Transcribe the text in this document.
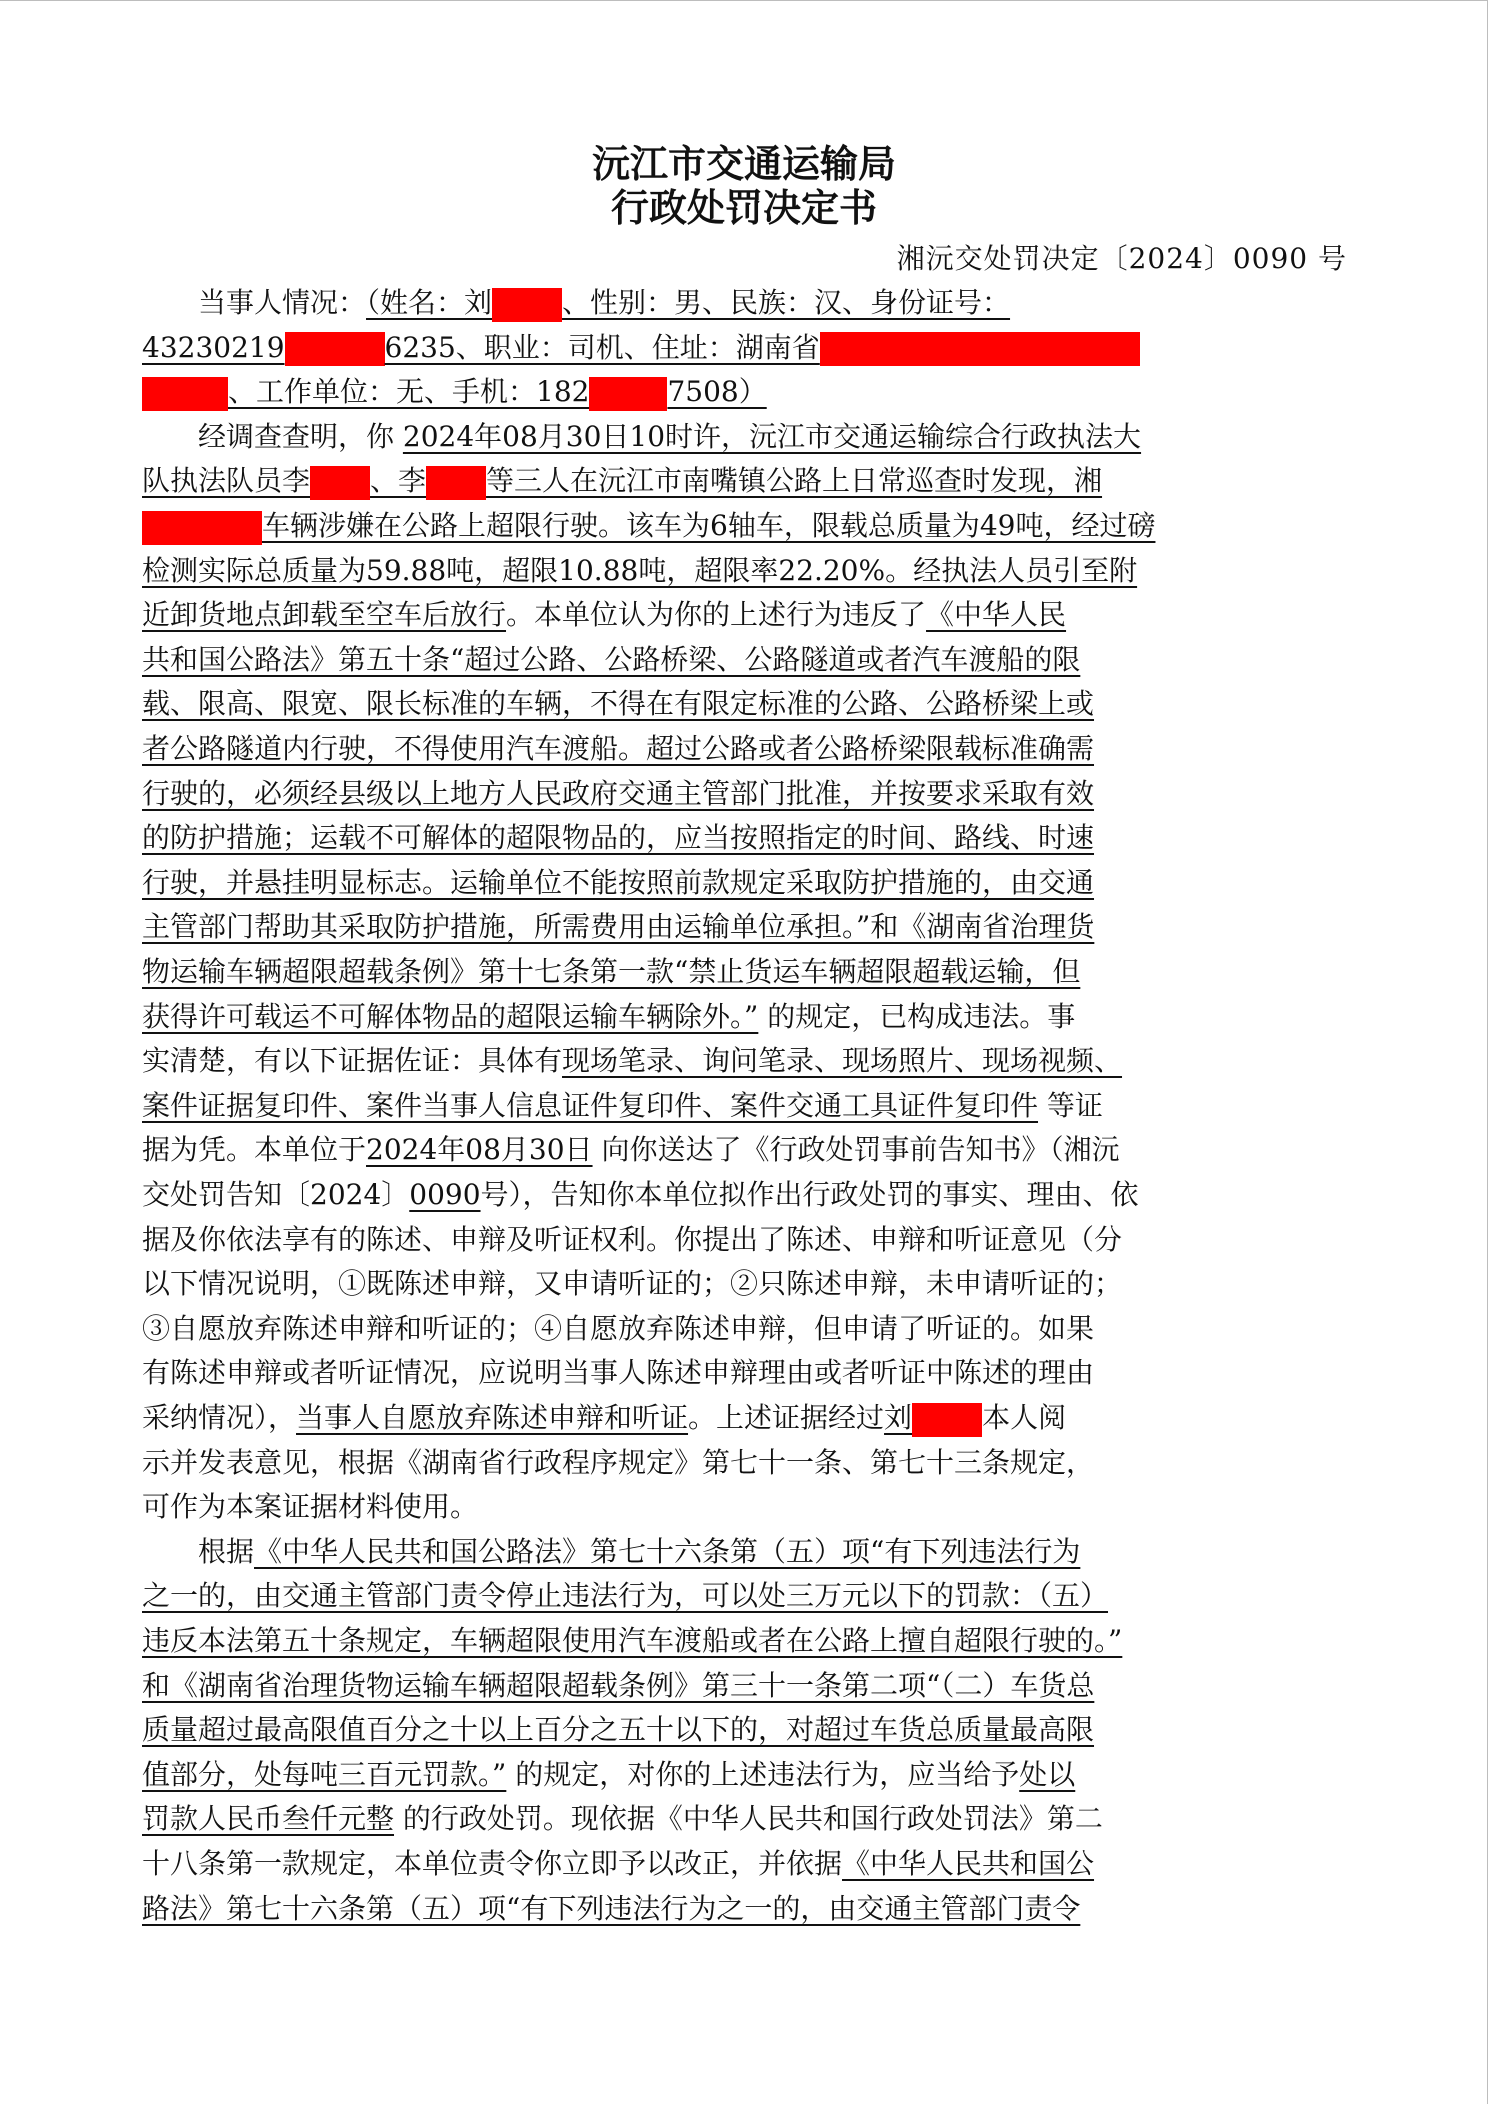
沅江市交通运输局
行政处罚决定书
湘沅交处罚决定〔2024〕0090 号
　　当事人情况：（姓名：刘	、性别：男、民族：汉、身份证号：
43230219	6235、职业：司机、住址：湖南省
、工作单位：无、手机：182	7508）
　　经调查查明，你 2024年08月30日10时许，沅江市交通运输综合行政执法大
队执法队员李 、李 等三人在沅江市南嘴镇公路上日常巡查时发现，湘
车辆涉嫌在公路上超限行驶。该车为6轴车，限载总质量为49吨，经过磅
检测实际总质量为59.88吨，超限10.88吨，超限率22.20%。经执法人员引至附
近卸货地点卸载至空车后放行。本单位认为你的上述行为违反了《中华人民
共和国公路法》第五十条“超过公路、公路桥梁、公路隧道或者汽车渡船的限
载、限高、限宽、限长标准的车辆，不得在有限定标准的公路、公路桥梁上或
者公路隧道内行驶，不得使用汽车渡船。超过公路或者公路桥梁限载标准确需
行驶的，必须经县级以上地方人民政府交通主管部门批准，并按要求采取有效
的防护措施；运载不可解体的超限物品的，应当按照指定的时间、路线、时速
行驶，并悬挂明显标志。运输单位不能按照前款规定采取防护措施的，由交通
主管部门帮助其采取防护措施，所需费用由运输单位承担。”和《湖南省治理货
物运输车辆超限超载条例》第十七条第一款“禁止货运车辆超限超载运输，但
获得许可载运不可解体物品的超限运输车辆除外。” 的规定，已构成违法。事
实清楚，有以下证据佐证：具体有现场笔录、询问笔录、现场照片、现场视频、
案件证据复印件、案件当事人信息证件复印件、案件交通工具证件复印件 等证
据为凭。本单位于2024年08月30日 向你送达了《行政处罚事前告知书》（湘沅
交处罚告知〔2024〕0090号），告知你本单位拟作出行政处罚的事实、理由、依
据及你依法享有的陈述、申辩及听证权利。你提出了陈述、申辩和听证意见（分
以下情况说明，①既陈述申辩，又申请听证的；②只陈述申辩，未申请听证的；
③自愿放弃陈述申辩和听证的；④自愿放弃陈述申辩，但申请了听证的。如果
有陈述申辩或者听证情况，应说明当事人陈述申辩理由或者听证中陈述的理由
采纳情况），当事人自愿放弃陈述申辩和听证。上述证据经过刘	本人阅
示并发表意见，根据《湖南省行政程序规定》第七十一条、第七十三条规定，
可作为本案证据材料使用。
　　根据《中华人民共和国公路法》第七十六条第（五）项“有下列违法行为
之一的，由交通主管部门责令停止违法行为，可以处三万元以下的罚款：（五）
违反本法第五十条规定，车辆超限使用汽车渡船或者在公路上擅自超限行驶的。”
和《湖南省治理货物运输车辆超限超载条例》第三十一条第二项“（二）车货总
质量超过最高限值百分之十以上百分之五十以下的，对超过车货总质量最高限
值部分，处每吨三百元罚款。” 的规定，对你的上述违法行为，应当给予处以
罚款人民币叁仟元整 的行政处罚。现依据《中华人民共和国行政处罚法》第二
十八条第一款规定，本单位责令你立即予以改正，并依据《中华人民共和国公
路法》第七十六条第（五）项“有下列违法行为之一的，由交通主管部门责令
